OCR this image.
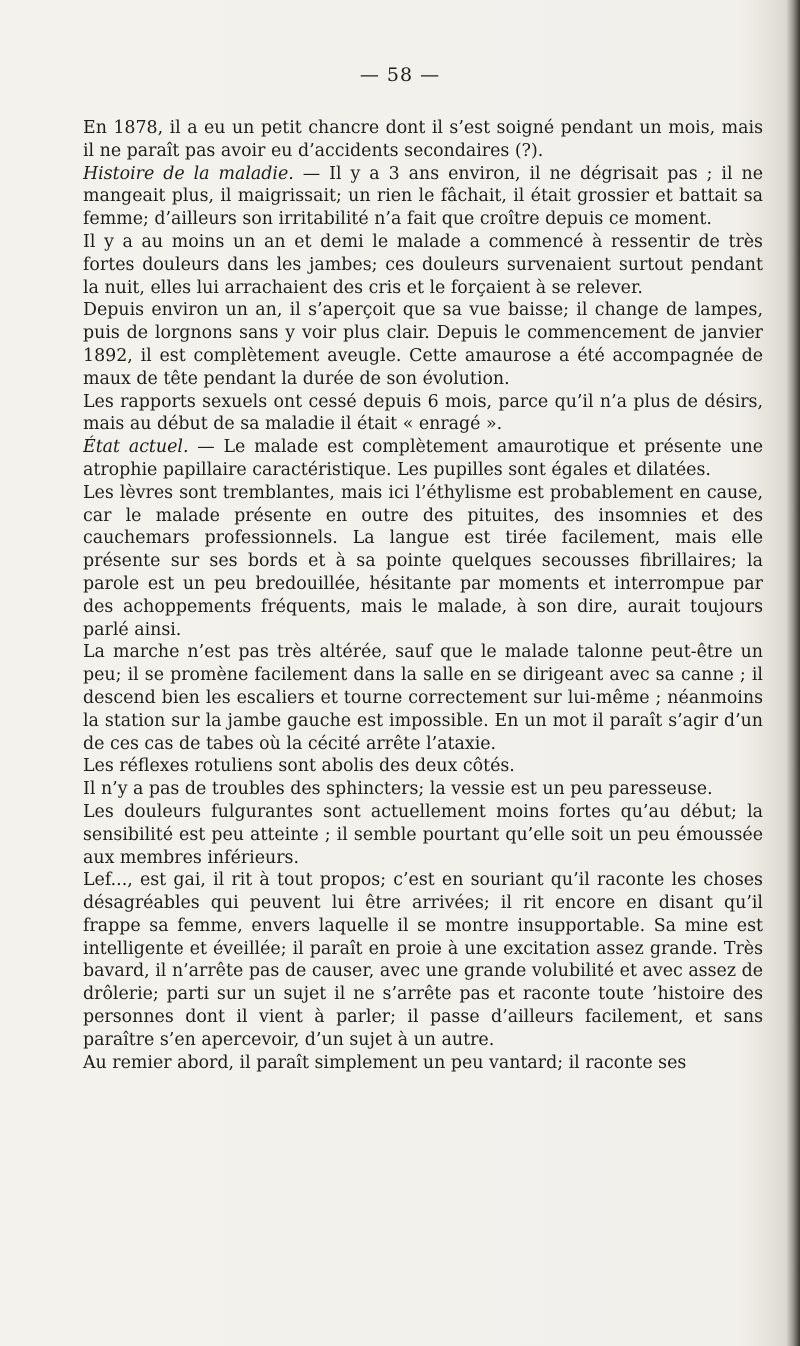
— 58 —

En 1878, il a eu un petit chancre dont il s’est soigné pendant un mois, mais il ne paraît pas avoir eu d’accidents secondaires (?).

Histoire de la maladie. — Il y a 3 ans environ, il ne dégrisait pas ; il ne mangeait plus, il maigrissait; un rien le fâchait, il était grossier et battait sa femme; d’ailleurs son irritabilité n’a fait que croître depuis ce moment.

Il y a au moins un an et demi le malade a commencé à ressentir de très fortes douleurs dans les jambes; ces douleurs survenaient surtout pendant la nuit, elles lui arrachaient des cris et le forçaient à se relever.

Depuis environ un an, il s’aperçoit que sa vue baisse; il change de lampes, puis de lorgnons sans y voir plus clair. Depuis le commencement de janvier 1892, il est complètement aveugle. Cette amaurose a été accompagnée de maux de tête pendant la durée de son évolution.

Les rapports sexuels ont cessé depuis 6 mois, parce qu’il n’a plus de désirs, mais au début de sa maladie il était « enragé ».

État actuel. — Le malade est complètement amaurotique et présente une atrophie papillaire caractéristique. Les pupilles sont égales et dilatées.

Les lèvres sont tremblantes, mais ici l’éthylisme est probablement en cause, car le malade présente en outre des pituites, des insomnies et des cauchemars professionnels. La langue est tirée facilement, mais elle présente sur ses bords et à sa pointe quelques secousses fibrillaires; la parole est un peu bredouillée, hésitante par moments et interrompue par des achoppements fréquents, mais le malade, à son dire, aurait toujours parlé ainsi.

La marche n’est pas très altérée, sauf que le malade talonne peut-être un peu; il se promène facilement dans la salle en se dirigeant avec sa canne ; il descend bien les escaliers et tourne correctement sur lui-même ; néanmoins la station sur la jambe gauche est impossible. En un mot il paraît s’agir d’un de ces cas de tabes où la cécité arrête l’ataxie.

Les réflexes rotuliens sont abolis des deux côtés.

Il n’y a pas de troubles des sphincters; la vessie est un peu paresseuse.

Les douleurs fulgurantes sont actuellement moins fortes qu’au début; la sensibilité est peu atteinte ; il semble pourtant qu’elle soit un peu émoussée aux membres inférieurs.

Lef..., est gai, il rit à tout propos; c’est en souriant qu’il raconte les choses désagréables qui peuvent lui être arrivées; il rit encore en disant qu’il frappe sa femme, envers laquelle il se montre insupportable. Sa mine est intelligente et éveillée; il paraît en proie à une excitation assez grande. Très bavard, il n’arrête pas de causer, avec une grande volubilité et avec assez de drôlerie; parti sur un sujet il ne s’arrête pas et raconte toute ’histoire des personnes dont il vient à parler; il passe d’ailleurs facilement, et sans paraître s’en apercevoir, d’un sujet à un autre.

Au remier abord, il paraît simplement un peu vantard; il raconte ses
